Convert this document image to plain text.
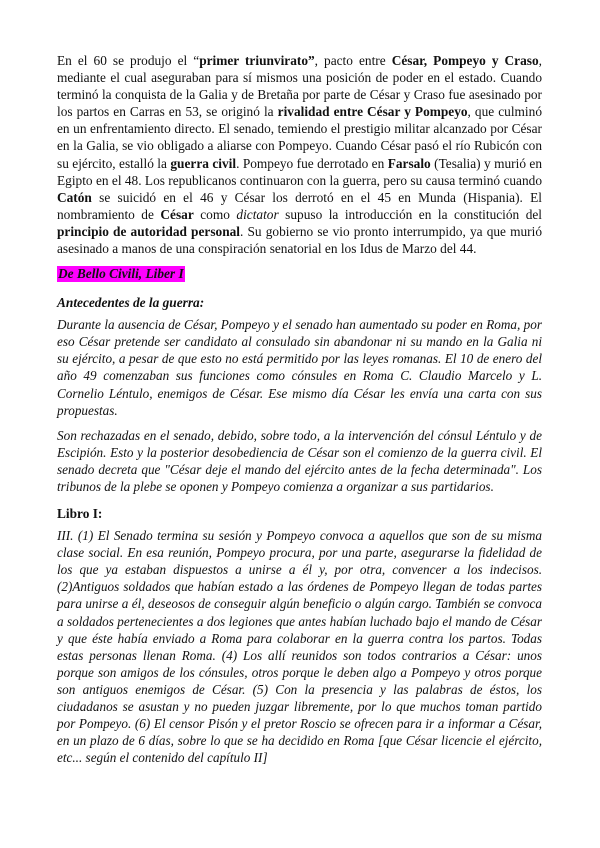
En el 60 se produjo el “primer triunvirato”, pacto entre César, Pompeyo y Craso, mediante el cual aseguraban para sí mismos una posición de poder en el estado. Cuando terminó la conquista de la Galia y de Bretaña por parte de César y Craso fue asesinado por los partos en Carras en 53, se originó la rivalidad entre César y Pompeyo, que culminó en un enfrentamiento directo. El senado, temiendo el prestigio militar alcanzado por César en la Galia, se vio obligado a aliarse con Pompeyo. Cuando César pasó el río Rubicón con su ejército, estalló la guerra civil. Pompeyo fue derrotado en Farsalo (Tesalia) y murió en Egipto en el 48. Los republicanos continuaron con la guerra, pero su causa terminó cuando Catón se suicidó en el 46 y César los derrotó en el 45 en Munda (Hispania). El nombramiento de César como dictator supuso la introducción en la constitución del principio de autoridad personal. Su gobierno se vio pronto interrumpido, ya que murió asesinado a manos de una conspiración senatorial en los Idus de Marzo del 44.

De Bello Civili, Liber I

Antecedentes de la guerra:

Durante la ausencia de César, Pompeyo y el senado han aumentado su poder en Roma, por eso César pretende ser candidato al consulado sin abandonar ni su mando en la Galia ni su ejército, a pesar de que esto no está permitido por las leyes romanas. El 10 de enero del año 49 comenzaban sus funciones como cónsules en Roma C. Claudio Marcelo y L. Cornelio Léntulo, enemigos de César. Ese mismo día César les envía una carta con sus propuestas.

Son rechazadas en el senado, debido, sobre todo, a la intervención del cónsul Léntulo y de Escipión. Esto y la posterior desobediencia de César son el comienzo de la guerra civil. El senado decreta que "César deje el mando del ejército antes de la fecha determinada". Los tribunos de la plebe se oponen y Pompeyo comienza a organizar a sus partidarios.

Libro I:

III. (1) El Senado termina su sesión y Pompeyo convoca a aquellos que son de su misma clase social. En esa reunión, Pompeyo procura, por una parte, asegurarse la fidelidad de los que ya estaban dispuestos a unirse a él y, por otra, convencer a los indecisos. (2)Antiguos soldados que habían estado a las órdenes de Pompeyo llegan de todas partes para unirse a él, deseosos de conseguir algún beneficio o algún cargo. También se convoca a soldados pertenecientes a dos legiones que antes habían luchado bajo el mando de César y que éste había enviado a Roma para colaborar en la guerra contra los partos. Todas estas personas llenan Roma. (4) Los allí reunidos son todos contrarios a César: unos porque son amigos de los cónsules, otros porque le deben algo a Pompeyo y otros porque son antiguos enemigos de César. (5) Con la presencia y las palabras de éstos, los ciudadanos se asustan y no pueden juzgar libremente, por lo que muchos toman partido por Pompeyo. (6) El censor Pisón y el pretor Roscio se ofrecen para ir a informar a César, en un plazo de 6 días, sobre lo que se ha decidido en Roma [que César licencie el ejército, etc... según el contenido del capítulo II]
